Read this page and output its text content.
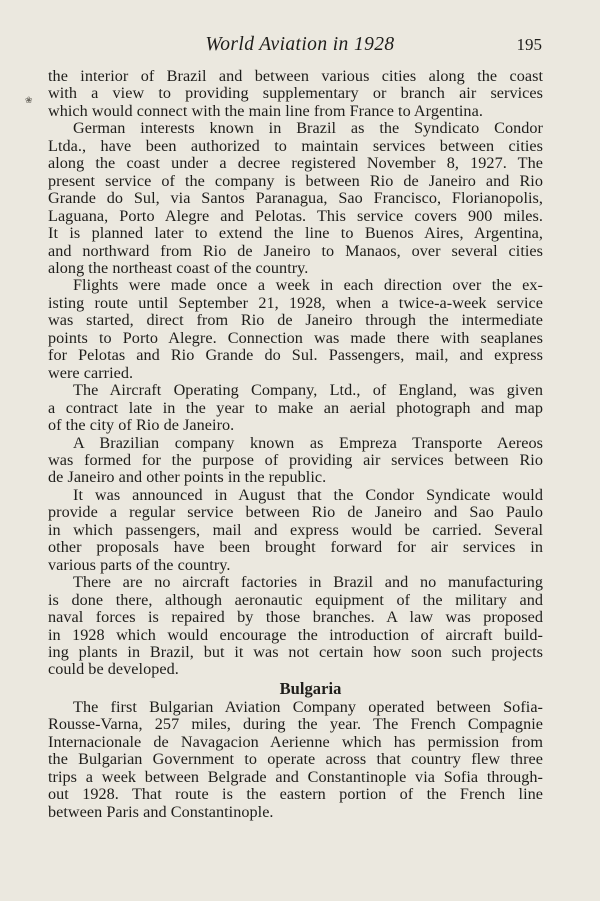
World Aviation in 1928	195
❀
the interior of Brazil and between various cities along the coast
with a view to providing supplementary or branch air services
which would connect with the main line from France to Argentina.
German interests known in Brazil as the Syndicato Condor
Ltda., have been authorized to maintain services between cities
along the coast under a decree registered November 8, 1927. The
present service of the company is between Rio de Janeiro and Rio
Grande do Sul, via Santos Paranagua, Sao Francisco, Florianopolis,
Laguana, Porto Alegre and Pelotas. This service covers 900 miles.
It is planned later to extend the line to Buenos Aires, Argentina,
and northward from Rio de Janeiro to Manaos, over several cities
along the northeast coast of the country.
Flights were made once a week in each direction over the ex-
isting route until September 21, 1928, when a twice-a-week service
was started, direct from Rio de Janeiro through the intermediate
points to Porto Alegre. Connection was made there with seaplanes
for Pelotas and Rio Grande do Sul. Passengers, mail, and express
were carried.
The Aircraft Operating Company, Ltd., of England, was given
a contract late in the year to make an aerial photograph and map
of the city of Rio de Janeiro.
A Brazilian company known as Empreza Transporte Aereos
was formed for the purpose of providing air services between Rio
de Janeiro and other points in the republic.
It was announced in August that the Condor Syndicate would
provide a regular service between Rio de Janeiro and Sao Paulo
in which passengers, mail and express would be carried. Several
other proposals have been brought forward for air services in
various parts of the country.
There are no aircraft factories in Brazil and no manufacturing
is done there, although aeronautic equipment of the military and
naval forces is repaired by those branches. A law was proposed
in 1928 which would encourage the introduction of aircraft build-
ing plants in Brazil, but it was not certain how soon such projects
could be developed.
Bulgaria
The first Bulgarian Aviation Company operated between Sofia-
Rousse-Varna, 257 miles, during the year. The French Compagnie
Internacionale de Navagacion Aerienne which has permission from
the Bulgarian Government to operate across that country flew three
trips a week between Belgrade and Constantinople via Sofia through-
out 1928. That route is the eastern portion of the French line
between Paris and Constantinople.
